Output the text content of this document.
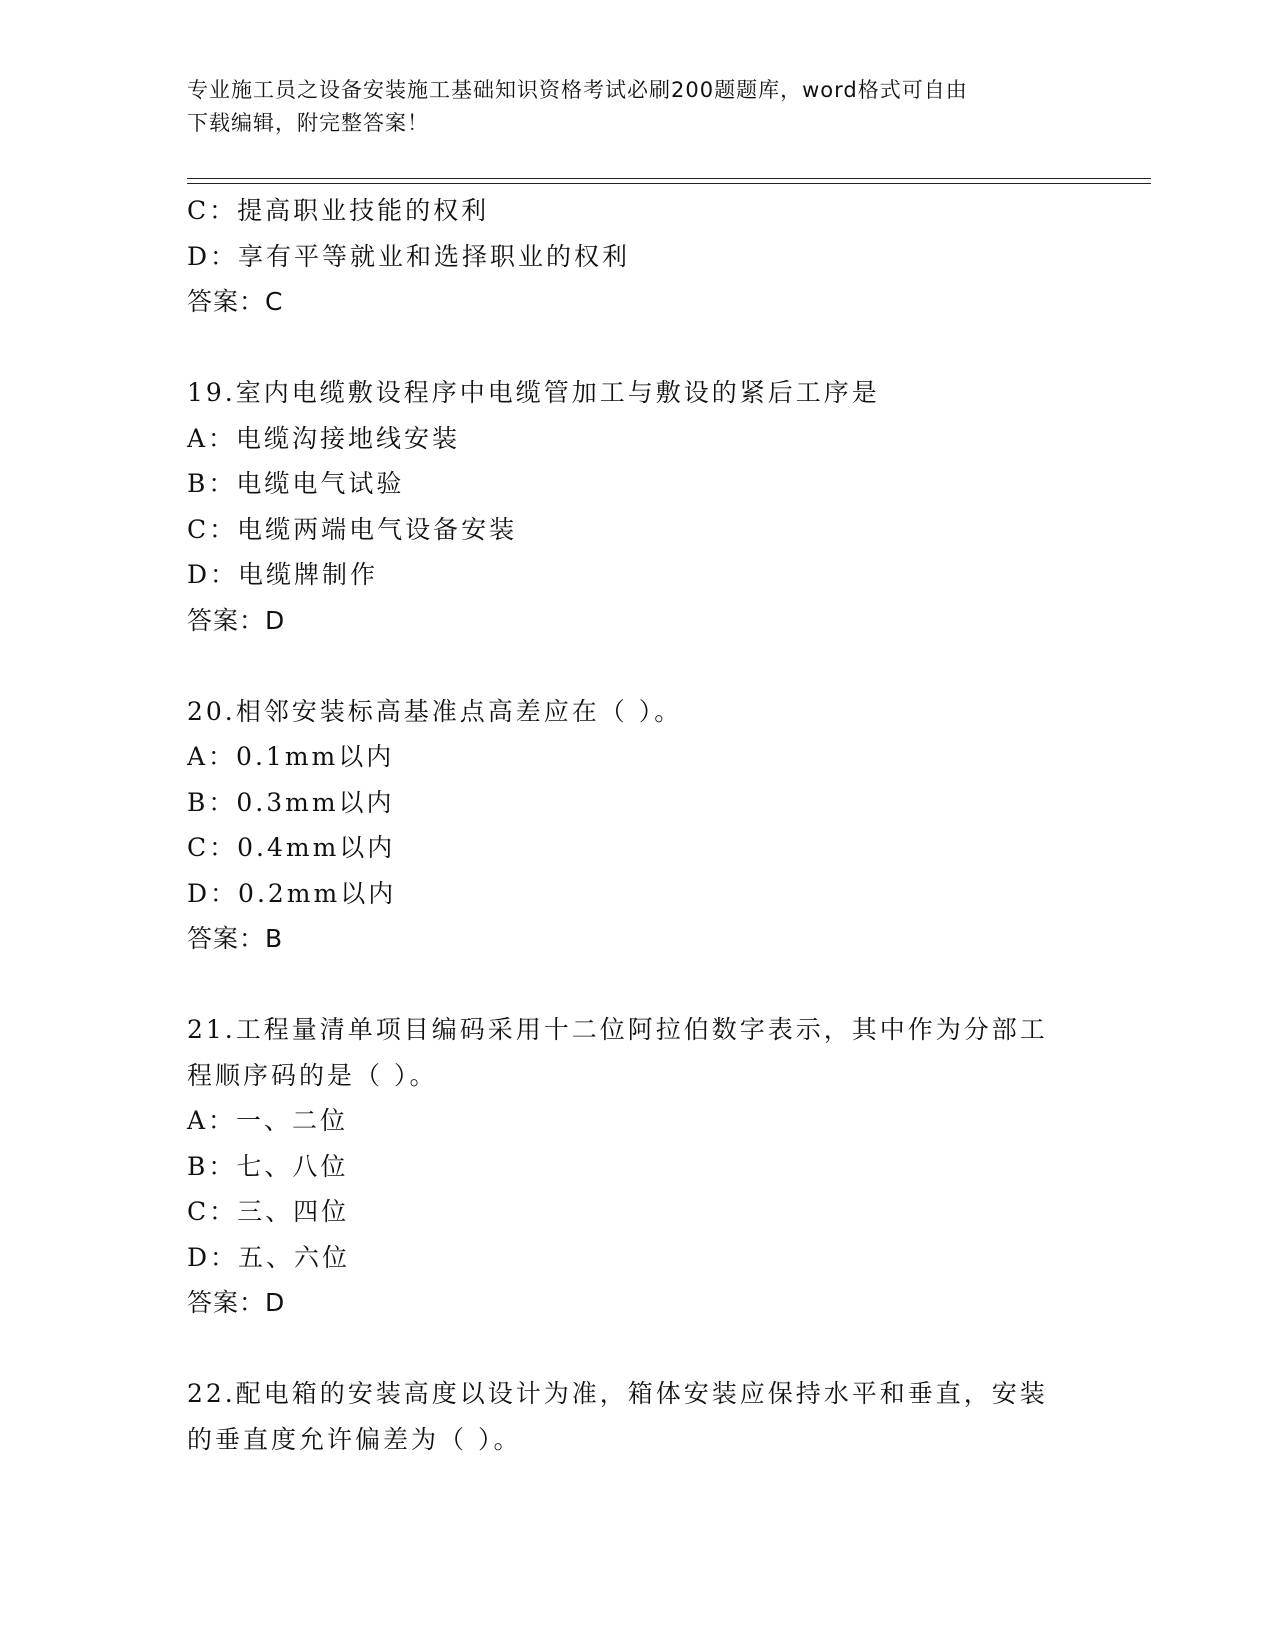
专业施工员之设备安装施工基础知识资格考试必刷200题题库，word格式可自由
下载编辑，附完整答案！
C：提高职业技能的权利
D：享有平等就业和选择职业的权利
答案：C
19.室内电缆敷设程序中电缆管加工与敷设的紧后工序是
A：电缆沟接地线安装
B：电缆电气试验
C：电缆两端电气设备安装
D：电缆牌制作
答案：D
20.相邻安装标高基准点高差应在（ ）。
A：0.1mm以内
B：0.3mm以内
C：0.4mm以内
D：0.2mm以内
答案：B
21.工程量清单项目编码采用十二位阿拉伯数字表示，其中作为分部工
程顺序码的是（ ）。
A：一、二位
B：七、八位
C：三、四位
D：五、六位
答案：D
22.配电箱的安装高度以设计为准，箱体安装应保持水平和垂直，安装
的垂直度允许偏差为（ ）。
